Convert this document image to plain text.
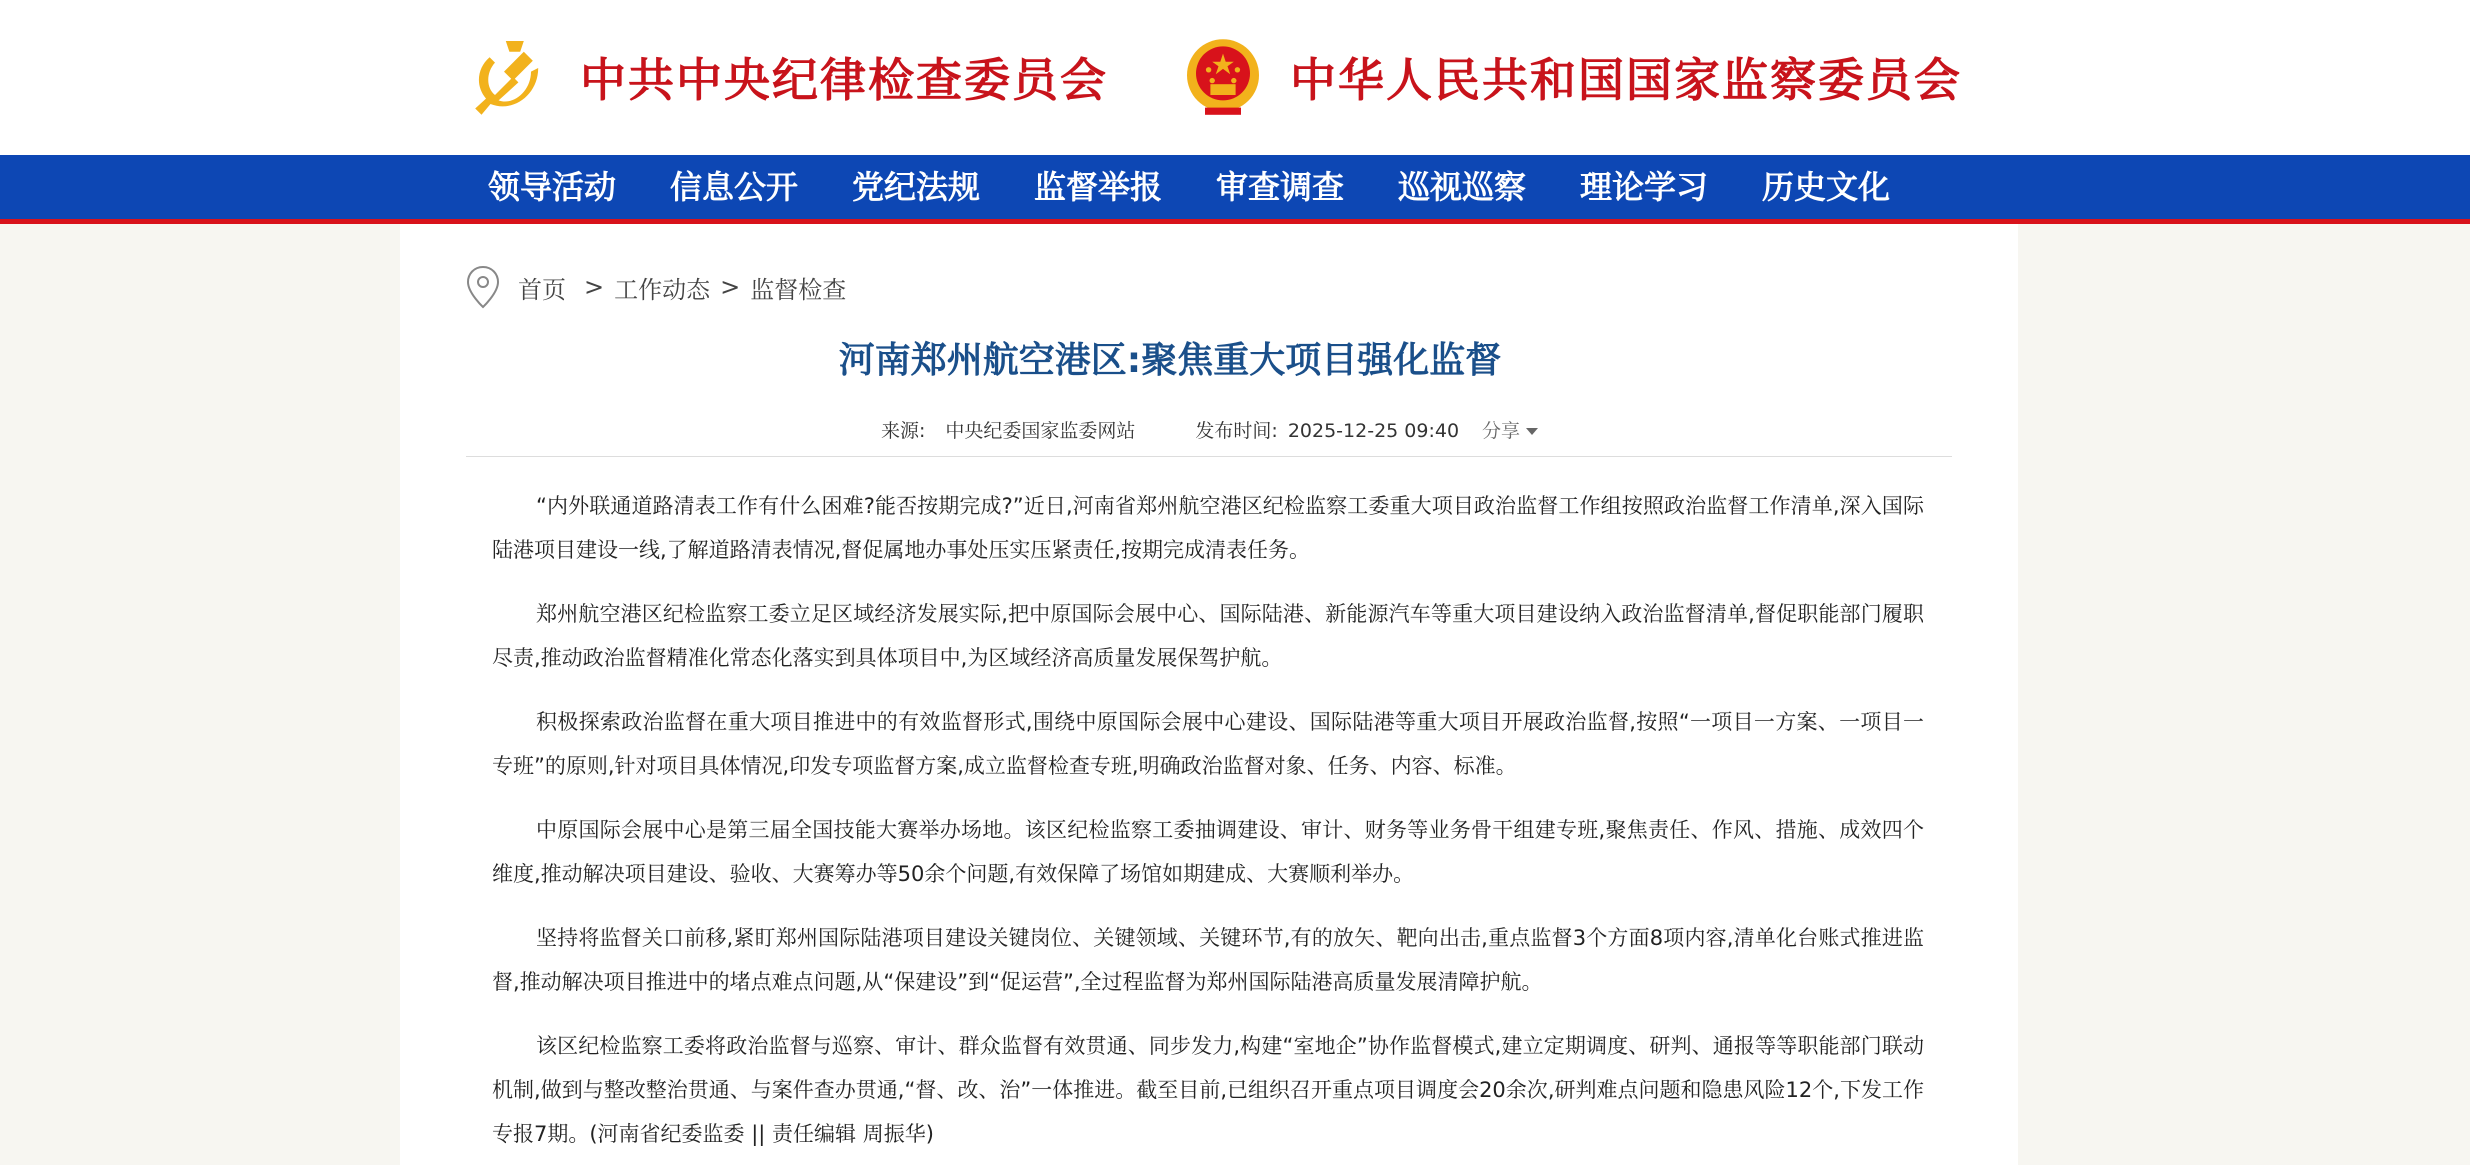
中共中央纪律检查委员会	中华人民共和国国家监察委员会
领导活动	信息公开	党纪法规	监督举报	审查调查	巡视巡察	理论学习	历史文化
首页 > 工作动态 > 监督检查
河南郑州航空港区:聚焦重大项目强化监督
来源: 中央纪委国家监委网站	发布时间: 2025-12-25 09:40	分享

“内外联通道路清表工作有什么困难?能否按期完成?”近日,河南省郑州航空港区纪检监察工委重大项目政治监督工作组按照政治监督工作清单,深入国际陆港项目建设一线,了解道路清表情况,督促属地办事处压实压紧责任,按期完成清表任务。

郑州航空港区纪检监察工委立足区域经济发展实际,把中原国际会展中心、国际陆港、新能源汽车等重大项目建设纳入政治监督清单,督促职能部门履职尽责,推动政治监督精准化常态化落实到具体项目中,为区域经济高质量发展保驾护航。

积极探索政治监督在重大项目推进中的有效监督形式,围绕中原国际会展中心建设、国际陆港等重大项目开展政治监督,按照“一项目一方案、一项目一专班”的原则,针对项目具体情况,印发专项监督方案,成立监督检查专班,明确政治监督对象、任务、内容、标准。

中原国际会展中心是第三届全国技能大赛举办场地。该区纪检监察工委抽调建设、审计、财务等业务骨干组建专班,聚焦责任、作风、措施、成效四个维度,推动解决项目建设、验收、大赛筹办等50余个问题,有效保障了场馆如期建成、大赛顺利举办。

坚持将监督关口前移,紧盯郑州国际陆港项目建设关键岗位、关键领域、关键环节,有的放矢、靶向出击,重点监督3个方面8项内容,清单化台账式推进监督,推动解决项目推进中的堵点难点问题,从“保建设”到“促运营”,全过程监督为郑州国际陆港高质量发展清障护航。

该区纪检监察工委将政治监督与巡察、审计、群众监督有效贯通、同步发力,构建“室地企”协作监督模式,建立定期调度、研判、通报等等职能部门联动机制,做到与整改整治贯通、与案件查办贯通,“督、改、治”一体推进。截至目前,已组织召开重点项目调度会20余次,研判难点问题和隐患风险12个,下发工作专报7期。(河南省纪委监委 || 责任编辑 周振华)
